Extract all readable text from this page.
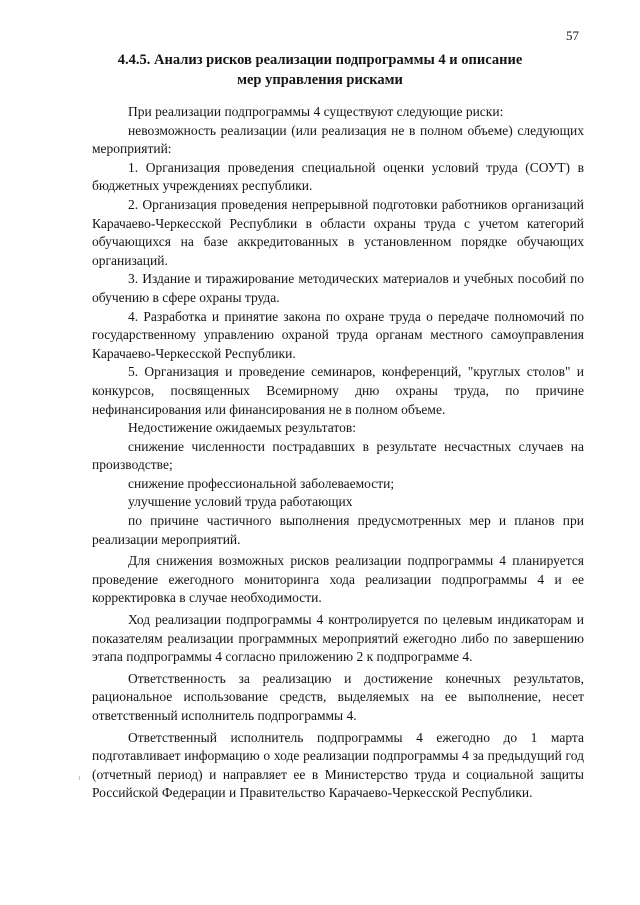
57
4.4.5. Анализ рисков реализации подпрограммы 4 и описание
мер управления рисками

При реализации подпрограммы 4 существуют следующие риски:

невозможность реализации (или реализация не в полном объеме) следующих мероприятий:

1. Организация проведения специальной оценки условий труда (СОУТ) в бюджетных учреждениях республики.

2. Организация проведения непрерывной подготовки работников организаций Карачаево-Черкесской Республики в области охраны труда с учетом категорий обучающихся на базе аккредитованных в установленном порядке обучающих организаций.

3. Издание и тиражирование методических материалов и учебных пособий по обучению в сфере охраны труда.

4. Разработка и принятие закона по охране труда о передаче полномочий по государственному управлению охраной труда органам местного самоуправления Карачаево-Черкесской Республики.

5. Организация и проведение семинаров, конференций, "круглых столов" и конкурсов, посвященных Всемирному дню охраны труда, по причине нефинансирования или финансирования не в полном объеме.

Недостижение ожидаемых результатов:

снижение численности пострадавших в результате несчастных случаев на производстве;

снижение профессиональной заболеваемости;

улучшение условий труда работающих

по причине частичного выполнения предусмотренных мер и планов при реализации мероприятий.

Для снижения возможных рисков реализации подпрограммы 4 планируется проведение ежегодного мониторинга хода реализации подпрограммы 4 и ее корректировка в случае необходимости.

Ход реализации подпрограммы 4 контролируется по целевым индикаторам и показателям реализации программных мероприятий ежегодно либо по завершению этапа подпрограммы 4 согласно приложению 2 к подпрограмме 4.

Ответственность за реализацию и достижение конечных результатов, рациональное использование средств, выделяемых на ее выполнение, несет ответственный исполнитель подпрограммы 4.

Ответственный исполнитель подпрограммы 4 ежегодно до 1 марта подготавливает информацию о ходе реализации подпрограммы 4 за предыдущий год (отчетный период) и направляет ее в Министерство труда и социальной защиты Российской Федерации и Правительство Карачаево-Черкесской Республики.

1
